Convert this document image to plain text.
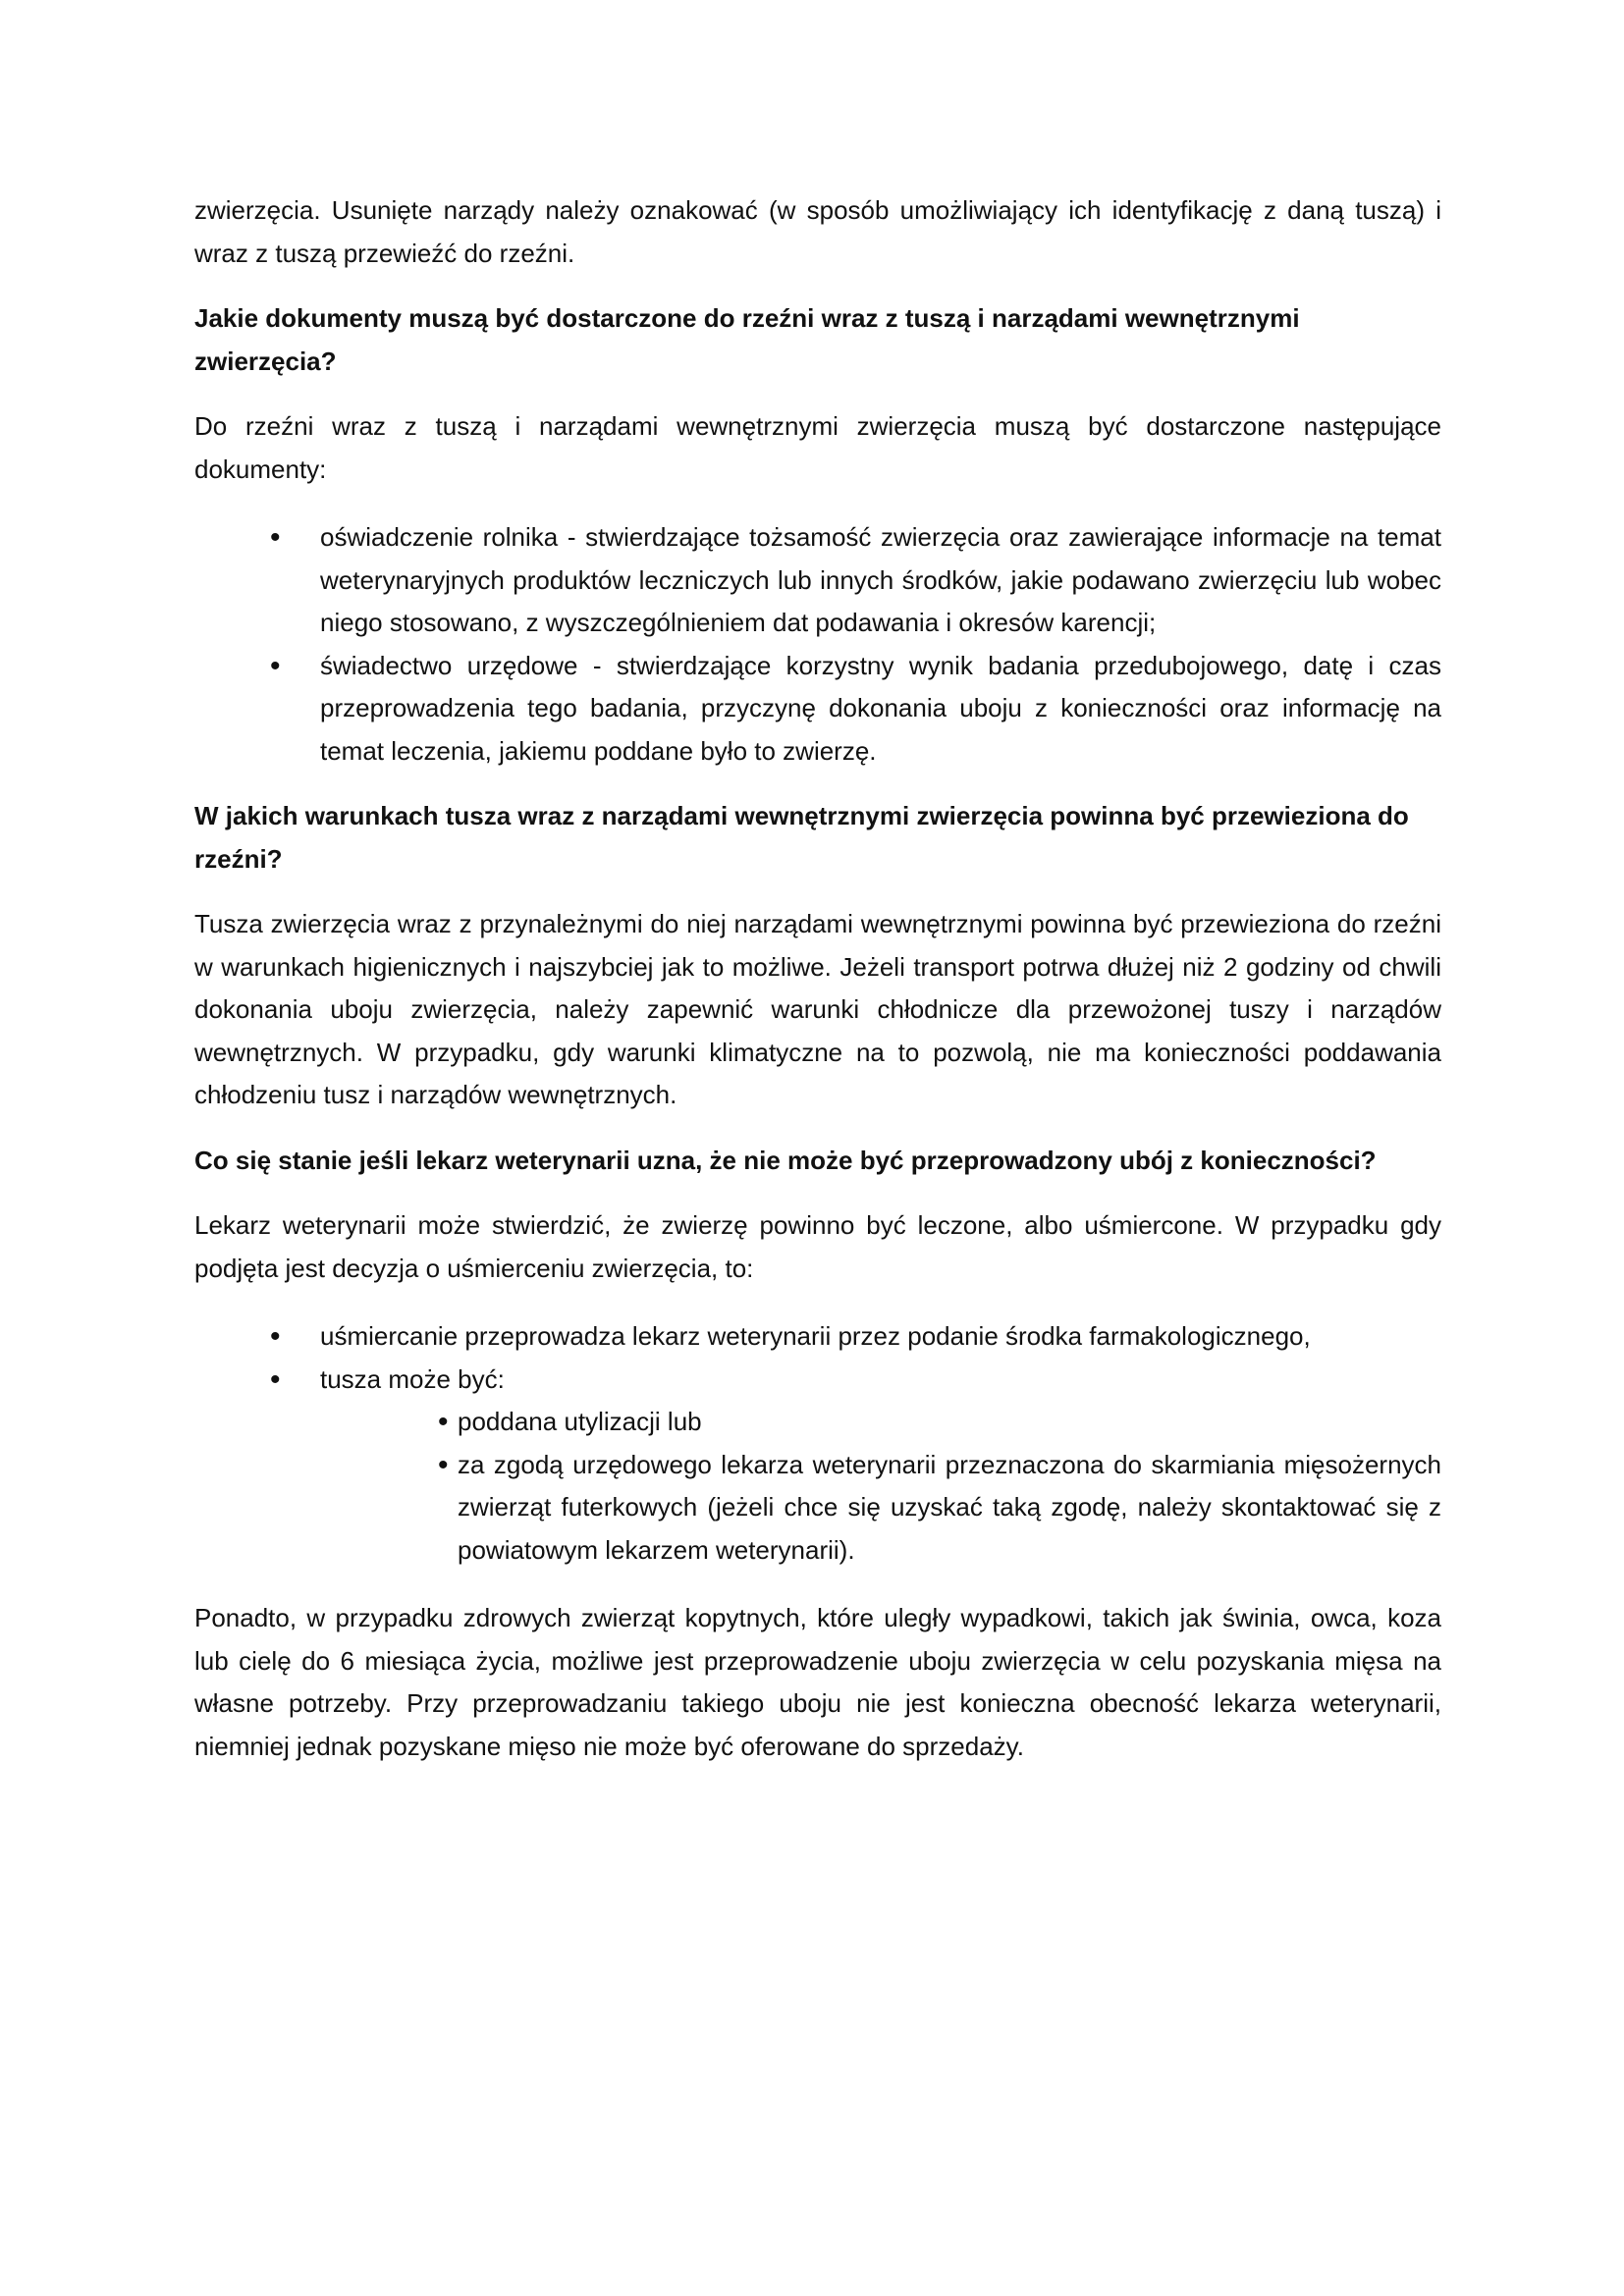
zwierzęcia. Usunięte narządy należy oznakować (w sposób umożliwiający ich identyfikację z daną tuszą) i wraz z tuszą przewieźć do rzeźni.

Jakie dokumenty muszą być dostarczone do rzeźni wraz z tuszą i narządami wewnętrznymi zwierzęcia?

Do rzeźni wraz z tuszą i narządami wewnętrznymi zwierzęcia muszą być dostarczone następujące dokumenty:

• oświadczenie rolnika - stwierdzające tożsamość zwierzęcia oraz zawierające informacje na temat weterynaryjnych produktów leczniczych lub innych środków, jakie podawano zwierzęciu lub wobec niego stosowano, z wyszczególnieniem dat podawania i okresów karencji;
• świadectwo urzędowe - stwierdzające korzystny wynik badania przedubojowego, datę i czas przeprowadzenia tego badania, przyczynę dokonania uboju z konieczności oraz informację na temat leczenia, jakiemu poddane było to zwierzę.

W jakich warunkach tusza wraz z narządami wewnętrznymi zwierzęcia powinna być przewieziona do rzeźni?

Tusza zwierzęcia wraz z przynależnymi do niej narządami wewnętrznymi powinna być przewieziona do rzeźni w warunkach higienicznych i najszybciej jak to możliwe. Jeżeli transport potrwa dłużej niż 2 godziny od chwili dokonania uboju zwierzęcia, należy zapewnić warunki chłodnicze dla przewożonej tuszy i narządów wewnętrznych. W przypadku, gdy warunki klimatyczne na to pozwolą, nie ma konieczności poddawania chłodzeniu tusz i narządów wewnętrznych.

Co się stanie jeśli lekarz weterynarii uzna, że nie może być przeprowadzony ubój z konieczności?

Lekarz weterynarii może stwierdzić, że zwierzę powinno być leczone, albo uśmiercone. W przypadku gdy podjęta jest decyzja o uśmierceniu zwierzęcia, to:

• uśmiercanie przeprowadza lekarz weterynarii przez podanie środka farmakologicznego,
• tusza może być:
• poddana utylizacji lub
• za zgodą urzędowego lekarza weterynarii przeznaczona do skarmiania mięsożernych zwierząt futerkowych (jeżeli chce się uzyskać taką zgodę, należy skontaktować się z powiatowym lekarzem weterynarii).

Ponadto, w przypadku zdrowych zwierząt kopytnych, które uległy wypadkowi, takich jak świnia, owca, koza lub cielę do 6 miesiąca życia, możliwe jest przeprowadzenie uboju zwierzęcia w celu pozyskania mięsa na własne potrzeby. Przy przeprowadzaniu takiego uboju nie jest konieczna obecność lekarza weterynarii, niemniej jednak pozyskane mięso nie może być oferowane do sprzedaży.
